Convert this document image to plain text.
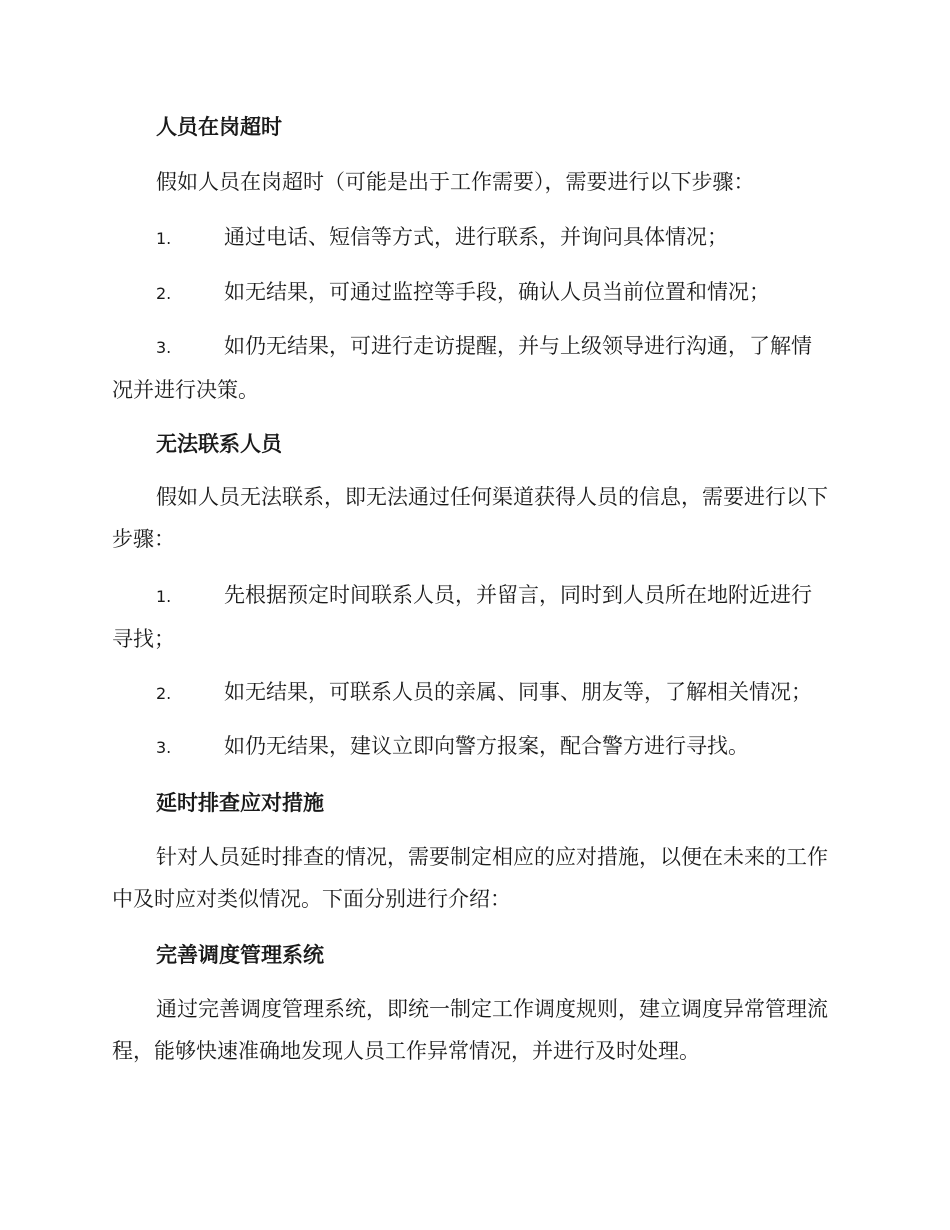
人员在岗超时
假如人员在岗超时（可能是出于工作需要），需要进行以下步骤：
1.	通过电话、短信等方式，进行联系，并询问具体情况；
2.	如无结果，可通过监控等手段，确认人员当前位置和情况；
3.	如仍无结果，可进行走访提醒，并与上级领导进行沟通，了解情况并进行决策。
无法联系人员
假如人员无法联系，即无法通过任何渠道获得人员的信息，需要进行以下步骤：
1.	先根据预定时间联系人员，并留言，同时到人员所在地附近进行寻找；
2.	如无结果，可联系人员的亲属、同事、朋友等，了解相关情况；
3.	如仍无结果，建议立即向警方报案，配合警方进行寻找。
延时排查应对措施
针对人员延时排查的情况，需要制定相应的应对措施，以便在未来的工作中及时应对类似情况。下面分别进行介绍：
完善调度管理系统
通过完善调度管理系统，即统一制定工作调度规则，建立调度异常管理流程，能够快速准确地发现人员工作异常情况，并进行及时处理。
